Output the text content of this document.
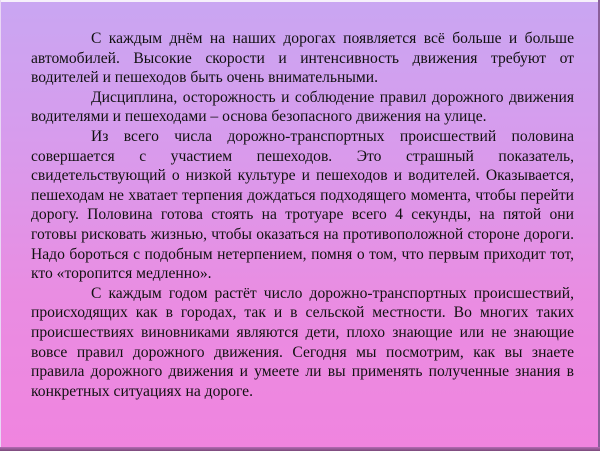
С каждым днём на наших дорогах появляется всё больше и больше автомобилей. Высокие скорости и интенсивность движения требуют от водителей и пешеходов быть очень внимательными.

Дисциплина, осторожность и соблюдение правил дорожного движения водителями и пешеходами – основа безопасного движения на улице.

Из всего числа дорожно-транспортных происшествий половина совершается с участием пешеходов. Это страшный показатель, свидетельствующий о низкой культуре и пешеходов и водителей. Оказывается, пешеходам не хватает терпения дождаться подходящего момента, чтобы перейти дорогу. Половина готова стоять на тротуаре всего 4 секунды, на пятой они готовы рисковать жизнью, чтобы оказаться на противоположной стороне дороги. Надо бороться с подобным нетерпением, помня о том, что первым приходит тот, кто «торопится медленно».

С каждым годом растёт число дорожно-транспортных происшествий, происходящих как в городах, так и в сельской местности. Во многих таких происшествиях виновниками являются дети, плохо знающие или не знающие вовсе правил дорожного движения. Сегодня мы посмотрим, как вы знаете правила дорожного движения и умеете ли вы применять полученные знания в конкретных ситуациях на дороге.
